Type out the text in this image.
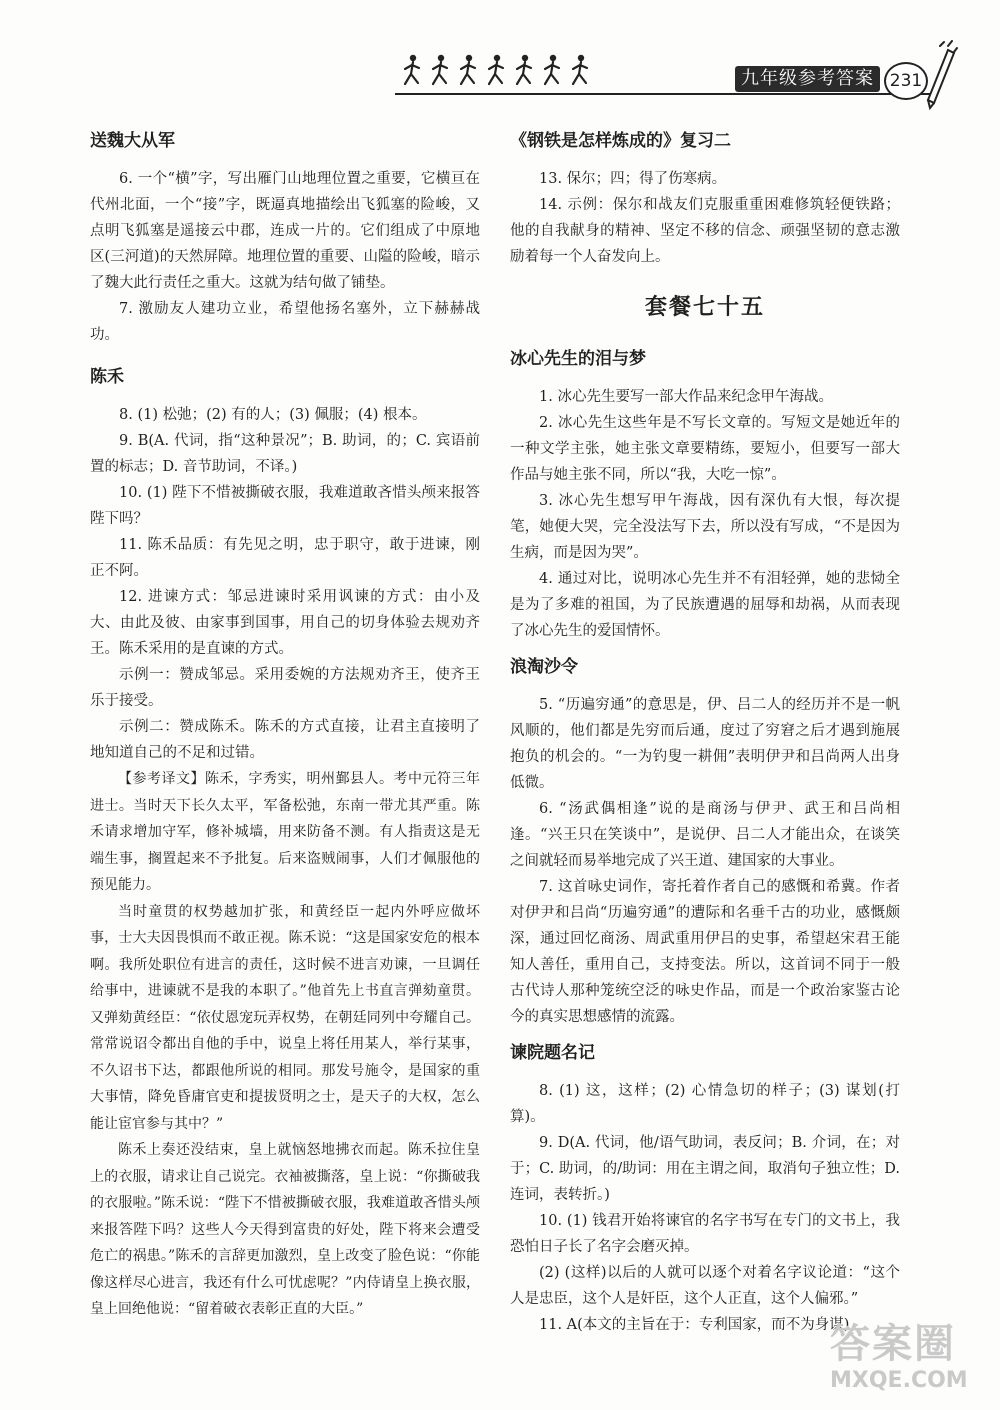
九年级参考答案 231
送魏大从军

6. 一个“横”字，写出雁门山地理位置之重要，它横亘在代州北面，一个“接”字，既逼真地描绘出飞狐塞的险峻，又点明飞狐塞是遥接云中郡，连成一片的。它们组成了中原地区(三河道)的天然屏障。地理位置的重要、山隘的险峻，暗示了魏大此行责任之重大。这就为结句做了铺垫。

7. 激励友人建功立业，希望他扬名塞外，立下赫赫战功。

陈禾

8. (1) 松弛；(2) 有的人；(3) 佩服；(4) 根本。

9. B(A. 代词，指“这种景况”；B. 助词，的；C. 宾语前置的标志；D. 音节助词，不译。)

10. (1) 陛下不惜被撕破衣服，我难道敢吝惜头颅来报答陛下吗？

11. 陈禾品质：有先见之明，忠于职守，敢于进谏，刚正不阿。

12. 进谏方式：邹忌进谏时采用讽谏的方式：由小及大、由此及彼、由家事到国事，用自己的切身体验去规劝齐王。陈禾采用的是直谏的方式。

示例一：赞成邹忌。采用委婉的方法规劝齐王，使齐王乐于接受。

示例二：赞成陈禾。陈禾的方式直接，让君主直接明了地知道自己的不足和过错。

【参考译文】陈禾，字秀实，明州鄞县人。考中元符三年进士。当时天下长久太平，军备松弛，东南一带尤其严重。陈禾请求增加守军，修补城墙，用来防备不测。有人指责这是无端生事，搁置起来不予批复。后来盗贼闹事，人们才佩服他的预见能力。

当时童贯的权势越加扩张，和黄经臣一起内外呼应做坏事，士大夫因畏惧而不敢正视。陈禾说：“这是国家安危的根本啊。我所处职位有进言的责任，这时候不进言劝谏，一旦调任给事中，进谏就不是我的本职了。”他首先上书直言弹劾童贯。又弹劾黄经臣：“依仗恩宠玩弄权势，在朝廷同列中夸耀自己。常常说诏令都出自他的手中，说皇上将任用某人，举行某事，不久诏书下达，都跟他所说的相同。那发号施令，是国家的重大事情，降免昏庸官吏和提拔贤明之士，是天子的大权，怎么能让宦官参与其中？”

陈禾上奏还没结束，皇上就恼怒地拂衣而起。陈禾拉住皇上的衣服，请求让自己说完。衣袖被撕落，皇上说：“你撕破我的衣服啦。”陈禾说：“陛下不惜被撕破衣服，我难道敢吝惜头颅来报答陛下吗？这些人今天得到富贵的好处，陛下将来会遭受危亡的祸患。”陈禾的言辞更加激烈，皇上改变了脸色说：“你能像这样尽心进言，我还有什么可忧虑呢？”内侍请皇上换衣服，皇上回绝他说：“留着破衣表彰正直的大臣。”

《钢铁是怎样炼成的》复习二

13. 保尔；四；得了伤寒病。

14. 示例：保尔和战友们克服重重困难修筑轻便铁路；他的自我献身的精神、坚定不移的信念、顽强坚韧的意志激励着每一个人奋发向上。

套餐七十五
冰心先生的泪与梦

1. 冰心先生要写一部大作品来纪念甲午海战。

2. 冰心先生这些年是不写长文章的。写短文是她近年的一种文学主张，她主张文章要精练，要短小，但要写一部大作品与她主张不同，所以“我，大吃一惊”。

3. 冰心先生想写甲午海战，因有深仇有大恨，每次提笔，她便大哭，完全没法写下去，所以没有写成，“不是因为生病，而是因为哭”。

4. 通过对比，说明冰心先生并不有泪轻弹，她的悲恸全是为了多难的祖国，为了民族遭遇的屈辱和劫祸，从而表现了冰心先生的爱国情怀。

浪淘沙令

5. “历遍穷通”的意思是，伊、吕二人的经历并不是一帆风顺的，他们都是先穷而后通，度过了穷窘之后才遇到施展抱负的机会的。“一为钓叟一耕佣”表明伊尹和吕尚两人出身低微。

6. “汤武偶相逢”说的是商汤与伊尹、武王和吕尚相逢。“兴王只在笑谈中”，是说伊、吕二人才能出众，在谈笑之间就轻而易举地完成了兴王道、建国家的大事业。

7. 这首咏史词作，寄托着作者自己的感慨和希冀。作者对伊尹和吕尚“历遍穷通”的遭际和名垂千古的功业，感慨颇深，通过回忆商汤、周武重用伊吕的史事，希望赵宋君王能知人善任，重用自己，支持变法。所以，这首词不同于一般古代诗人那种笼统空泛的咏史作品，而是一个政治家鉴古论今的真实思想感情的流露。

谏院题名记

8. (1) 这，这样；(2) 心情急切的样子；(3) 谋划(打算)。

9. D(A. 代词，他/语气助词，表反问；B. 介词，在；对于；C. 助词，的/助词：用在主谓之间，取消句子独立性；D. 连词，表转折。)

10. (1) 钱君开始将谏官的名字书写在专门的文书上，我恐怕日子长了名字会磨灭掉。

(2) (这样)以后的人就可以逐个对着名字议论道：“这个人是忠臣，这个人是奸臣，这个人正直，这个人偏邪。”

11. A(本文的主旨在于：专利国家，而不为身谋)

答案圈
MXQE.COM
